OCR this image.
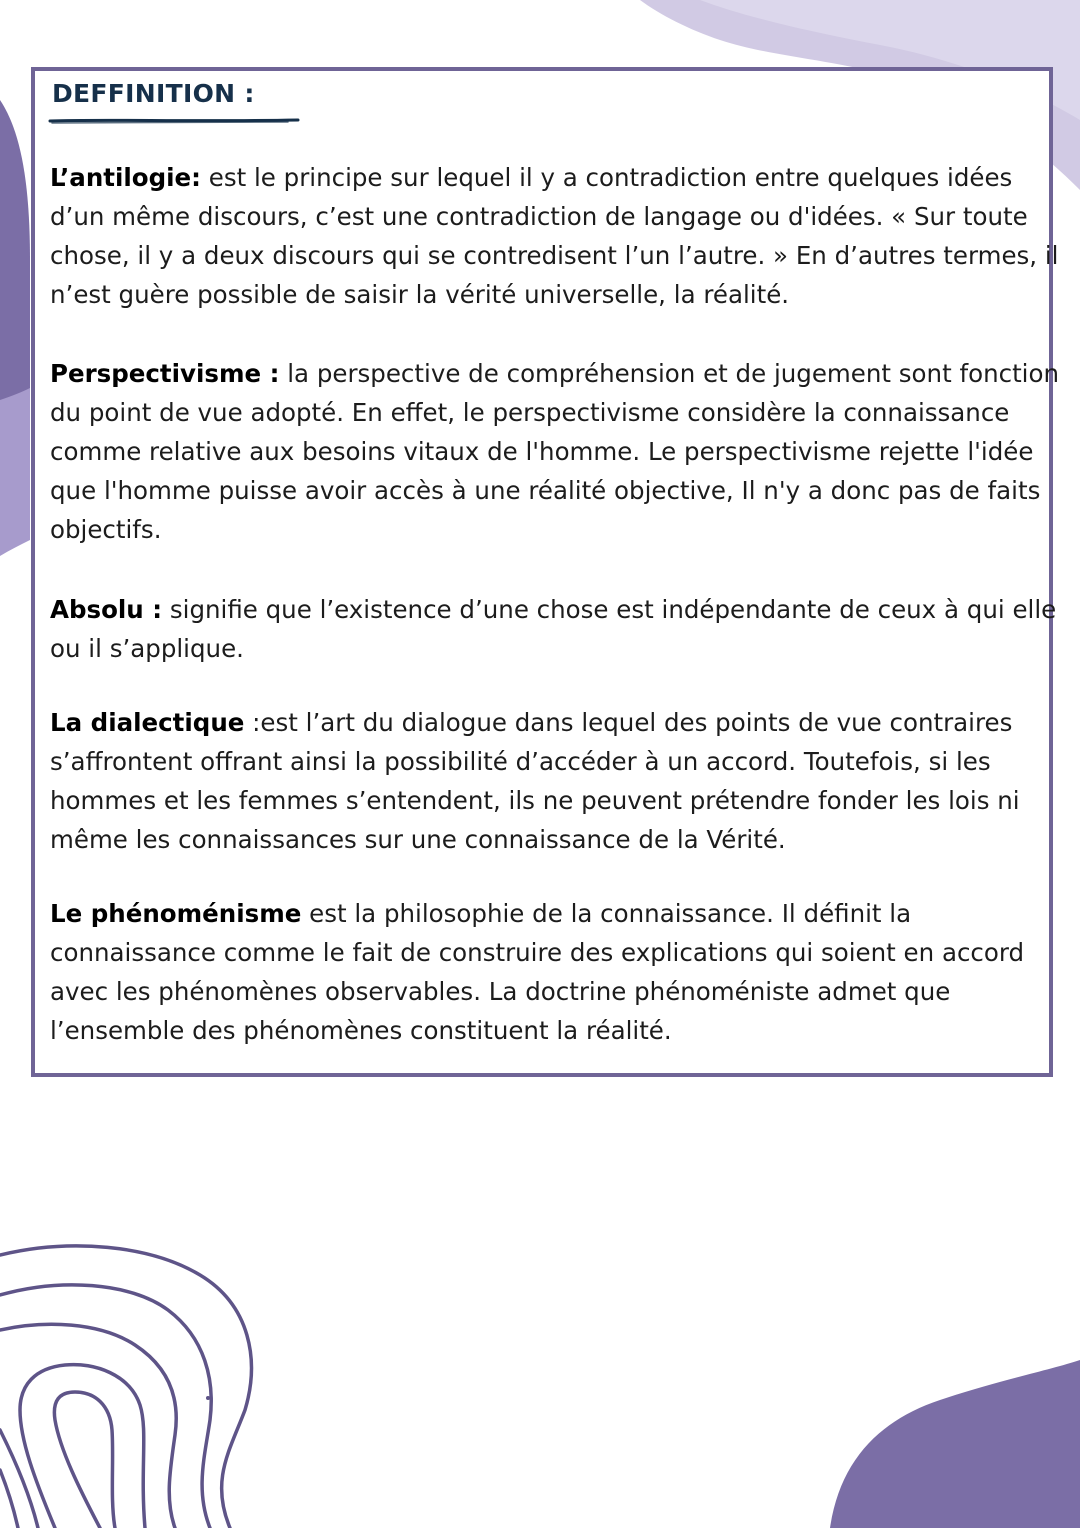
DEFFINITION :

L’antilogie: est le principe sur lequel il y a contradiction entre quelques idées
d’un même discours, c’est une contradiction de langage ou d'idées. « Sur toute
chose, il y a deux discours qui se contredisent l’un l’autre. » En d’autres termes, il
n’est guère possible de saisir la vérité universelle, la réalité.

Perspectivisme : la perspective de compréhension et de jugement sont fonction
du point de vue adopté. En effet, le perspectivisme considère la connaissance
comme relative aux besoins vitaux de l'homme. Le perspectivisme rejette l'idée
que l'homme puisse avoir accès à une réalité objective, Il n'y a donc pas de faits
objectifs.

Absolu : signifie que l’existence d’une chose est indépendante de ceux à qui elle
ou il s’applique.

La dialectique :est l’art du dialogue dans lequel des points de vue contraires
s’affrontent offrant ainsi la possibilité d’accéder à un accord. Toutefois, si les
hommes et les femmes s’entendent, ils ne peuvent prétendre fonder les lois ni
même les connaissances sur une connaissance de la Vérité.

Le phénoménisme est la philosophie de la connaissance. Il définit la
connaissance comme le fait de construire des explications qui soient en accord
avec les phénomènes observables. La doctrine phénoméniste admet que
l’ensemble des phénomènes constituent la réalité.
